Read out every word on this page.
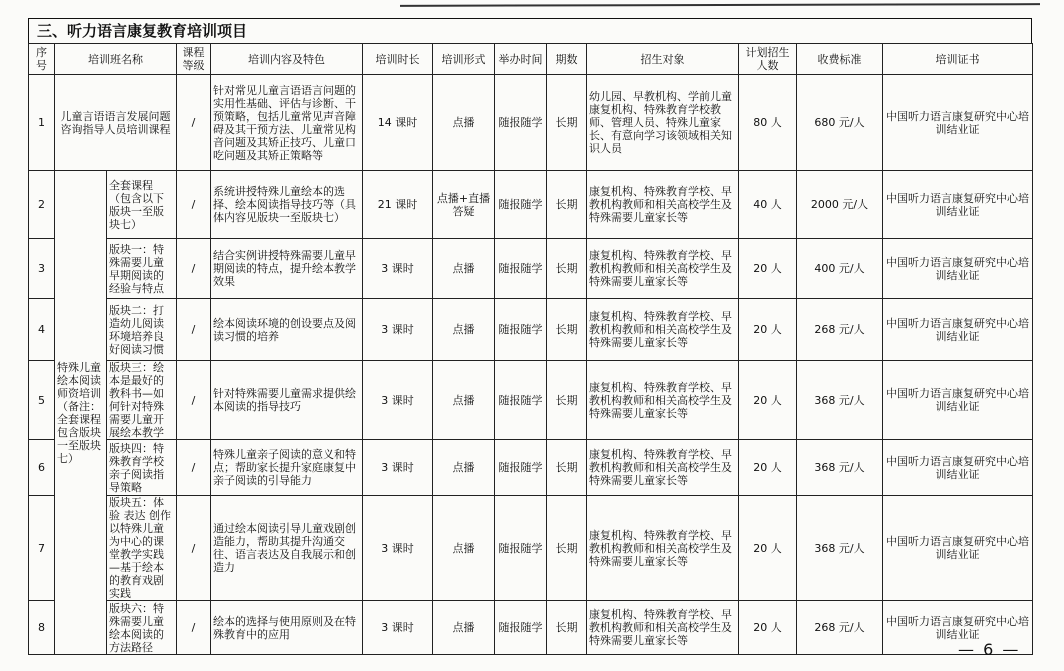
三、听力语言康复教育培训项目
序号	培训班名称		课程等级	培训内容及特色	培训时长	培训形式	举办时间	期数	招生对象	计划招生人数	收费标准	培训证书
1	儿童言语语言发展问题咨询指导人员培训课程		/	针对常见儿童言语语言问题的实用性基础、评估与诊断、干预策略，包括儿童常见声音障碍及其干预方法、儿童常见构音问题及其矫正技巧、儿童口吃问题及其矫正策略等	14 课时	点播	随报随学	长期	幼儿园、早教机构、学前儿童康复机构、特殊教育学校教师、管理人员、特殊儿童家长、有意向学习该领域相关知识人员	80 人	680 元/人	中国听力语言康复研究中心培训结业证
2	特殊儿童绘本阅读师资培训（备注：全套课程包含版块一至版块七）	全套课程（包含以下版块一至版块七）	/	系统讲授特殊儿童绘本的选择、绘本阅读指导技巧等（具体内容见版块一至版块七）	21 课时	点播+直播答疑	随报随学	长期	康复机构、特殊教育学校、早教机构教师和相关高校学生及特殊需要儿童家长等	40 人	2000 元/人	中国听力语言康复研究中心培训结业证
3		版块一：特殊需要儿童早期阅读的经验与特点	/	结合实例讲授特殊需要儿童早期阅读的特点，提升绘本教学效果	3 课时	点播	随报随学	长期	康复机构、特殊教育学校、早教机构教师和相关高校学生及特殊需要儿童家长等	20 人	400 元/人	中国听力语言康复研究中心培训结业证
4		版块二：打造幼儿阅读环境培养良好阅读习惯	/	绘本阅读环境的创设要点及阅读习惯的培养	3 课时	点播	随报随学	长期	康复机构、特殊教育学校、早教机构教师和相关高校学生及特殊需要儿童家长等	20 人	268 元/人	中国听力语言康复研究中心培训结业证
5		版块三：绘本是最好的教科书—如何针对特殊需要儿童开展绘本教学	/	针对特殊需要儿童需求提供绘本阅读的指导技巧	3 课时	点播	随报随学	长期	康复机构、特殊教育学校、早教机构教师和相关高校学生及特殊需要儿童家长等	20 人	368 元/人	中国听力语言康复研究中心培训结业证
6		版块四：特殊教育学校亲子阅读指导策略	/	特殊儿童亲子阅读的意义和特点；帮助家长提升家庭康复中亲子阅读的引导能力	3 课时	点播	随报随学	长期	康复机构、特殊教育学校、早教机构教师和相关高校学生及特殊需要儿童家长等	20 人	368 元/人	中国听力语言康复研究中心培训结业证
7		版块五：体验 表达 创作以特殊儿童为中心的课堂教学实践—基于绘本的教育戏剧实践	/	通过绘本阅读引导儿童戏剧创造能力，帮助其提升沟通交往、语言表达及自我展示和创造力	3 课时	点播	随报随学	长期	康复机构、特殊教育学校、早教机构教师和相关高校学生及特殊需要儿童家长等	20 人	368 元/人	中国听力语言康复研究中心培训结业证
8		版块六：特殊需要儿童绘本阅读的方法路径	/	绘本的选择与使用原则及在特殊教育中的应用	3 课时	点播	随报随学	长期	康复机构、特殊教育学校、早教机构教师和相关高校学生及特殊需要儿童家长等	20 人	268 元/人	中国听力语言康复研究中心培训结业证
— 6 —
